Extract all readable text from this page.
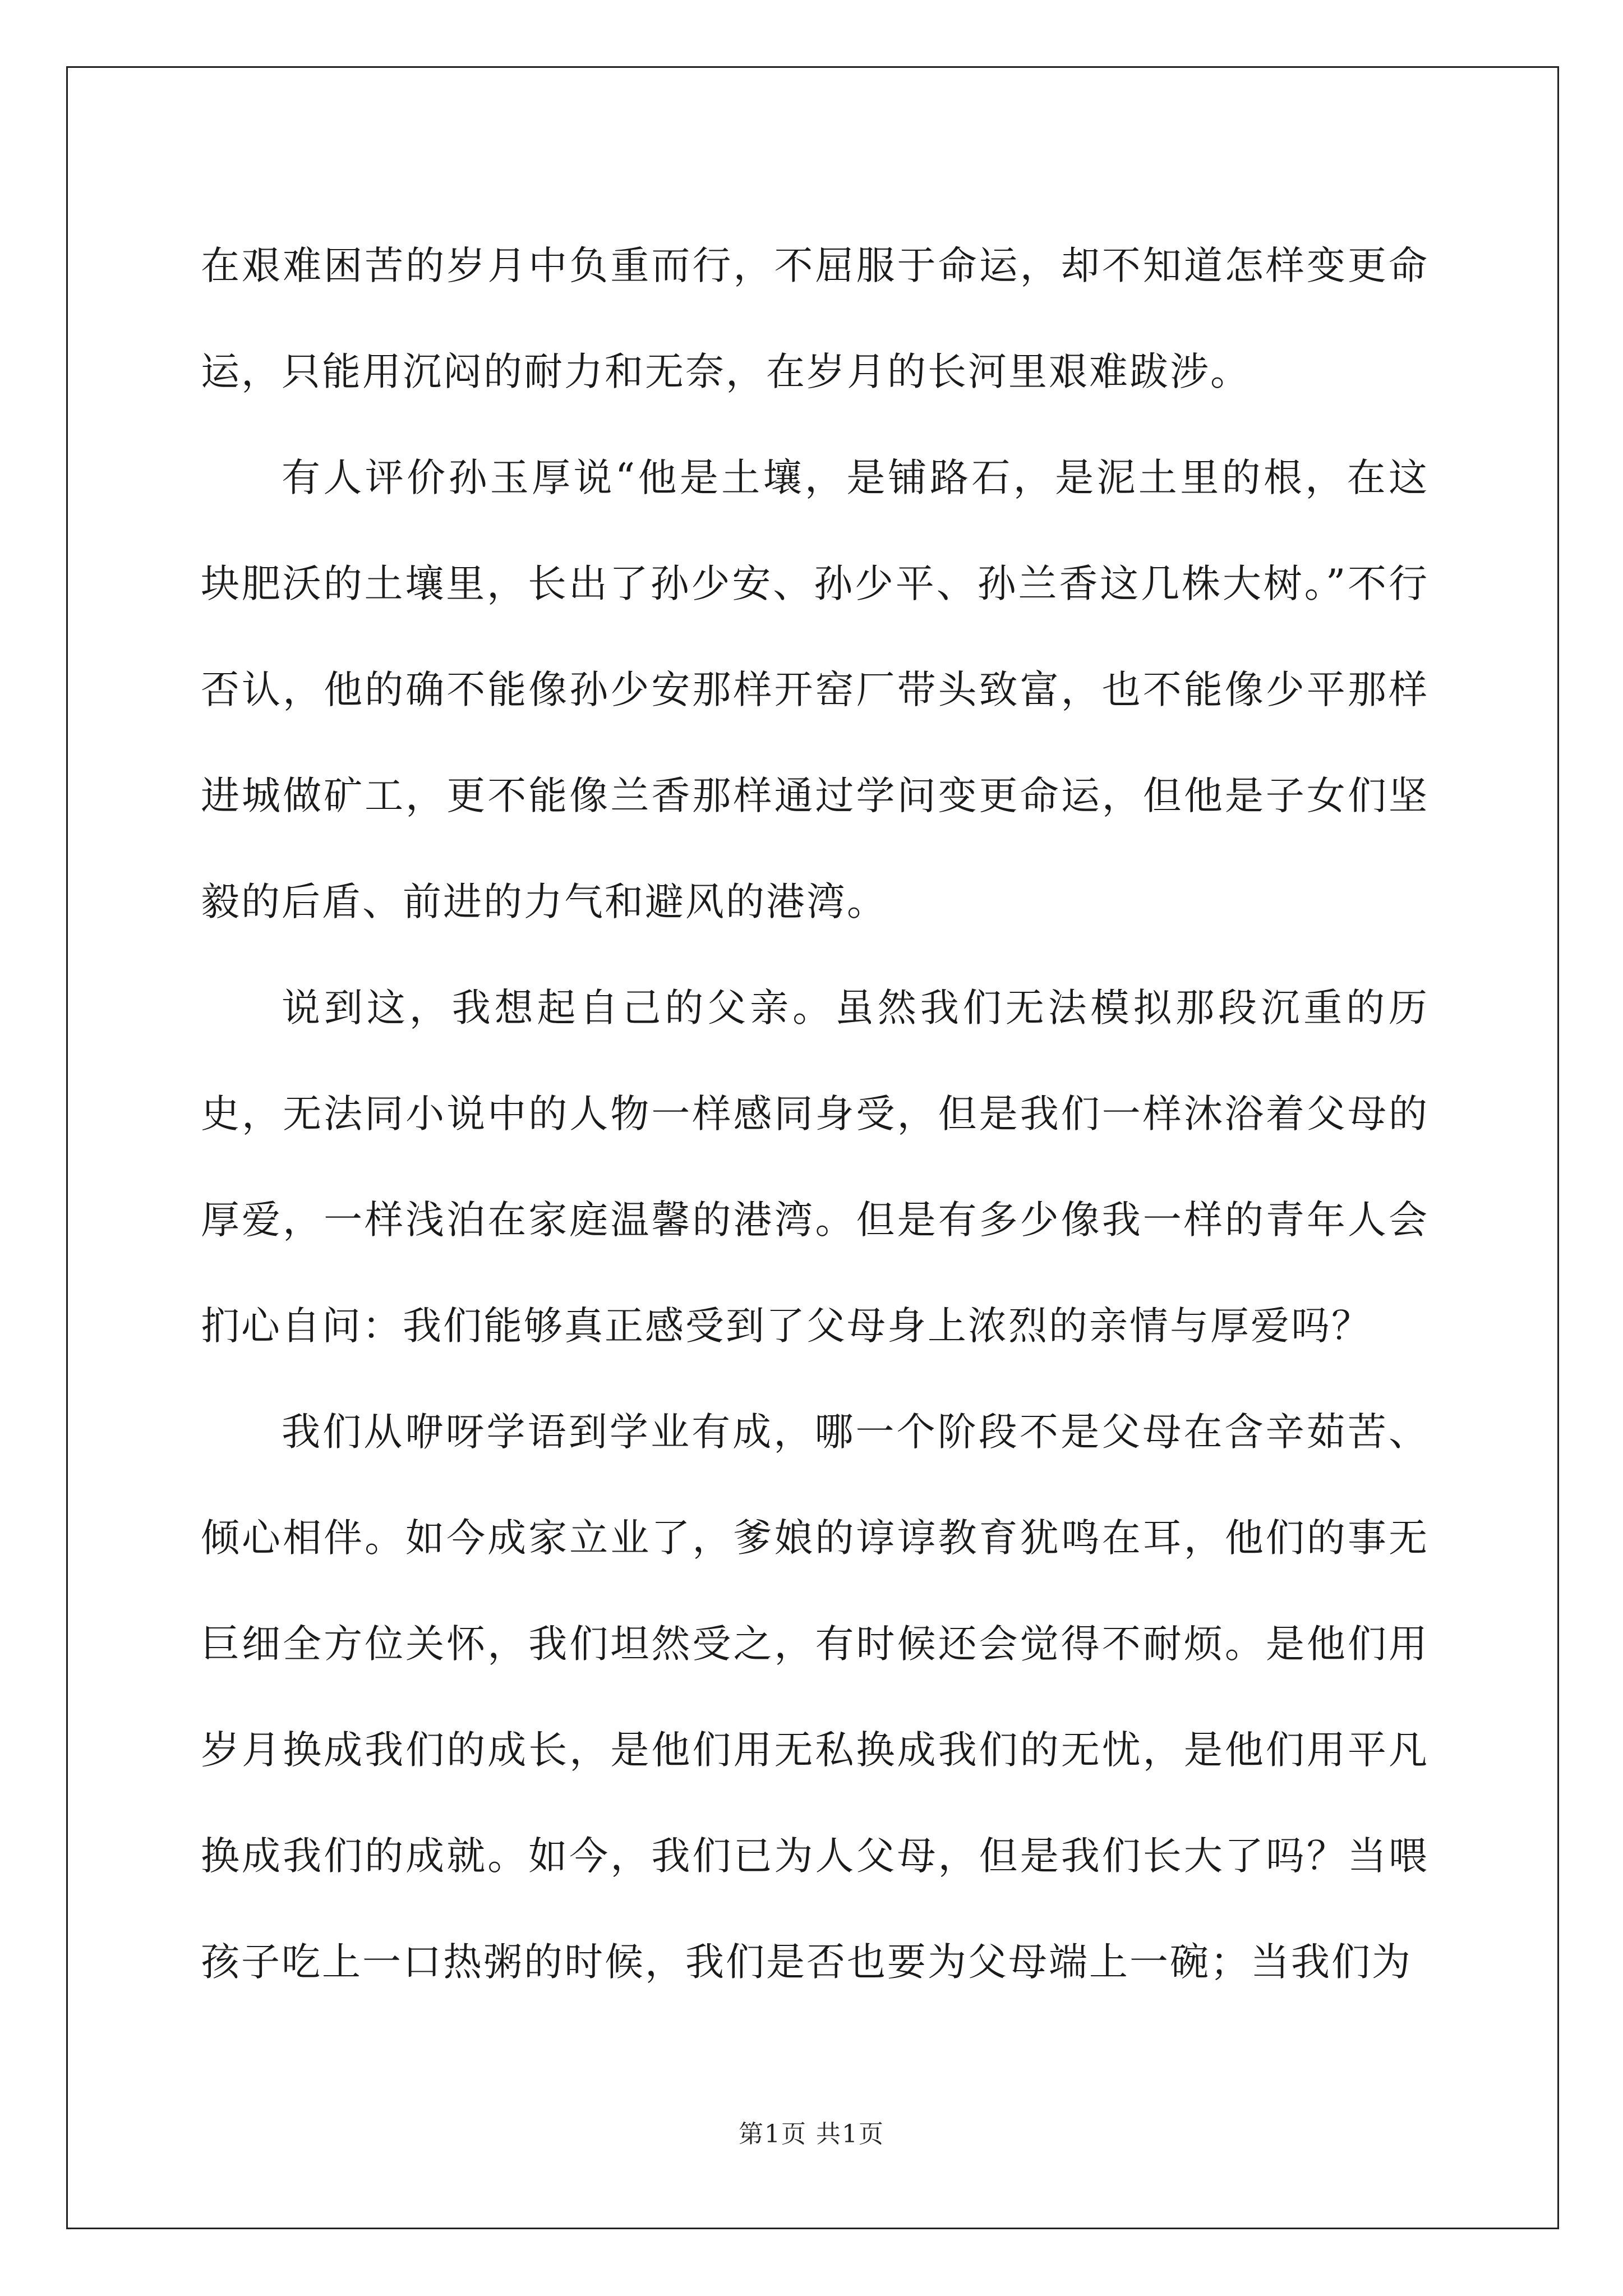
在艰难困苦的岁月中负重而行，不屈服于命运，却不知道怎样变更命运，只能用沉闷的耐力和无奈，在岁月的长河里艰难跋涉。

有人评价孙玉厚说“他是土壤，是铺路石，是泥土里的根，在这块肥沃的土壤里，长出了孙少安、孙少平、孙兰香这几株大树。”不行否认，他的确不能像孙少安那样开窑厂带头致富，也不能像少平那样进城做矿工，更不能像兰香那样通过学问变更命运，但他是子女们坚毅的后盾、前进的力气和避风的港湾。

说到这，我想起自己的父亲。虽然我们无法模拟那段沉重的历史，无法同小说中的人物一样感同身受，但是我们一样沐浴着父母的厚爱，一样浅泊在家庭温馨的港湾。但是有多少像我一样的青年人会扪心自问：我们能够真正感受到了父母身上浓烈的亲情与厚爱吗？

我们从咿呀学语到学业有成，哪一个阶段不是父母在含辛茹苦、倾心相伴。如今成家立业了，爹娘的谆谆教育犹鸣在耳，他们的事无巨细全方位关怀，我们坦然受之，有时候还会觉得不耐烦。是他们用岁月换成我们的成长，是他们用无私换成我们的无忧，是他们用平凡换成我们的成就。如今，我们已为人父母，但是我们长大了吗？当喂孩子吃上一口热粥的时候，我们是否也要为父母端上一碗；当我们为

第1页 共1页
